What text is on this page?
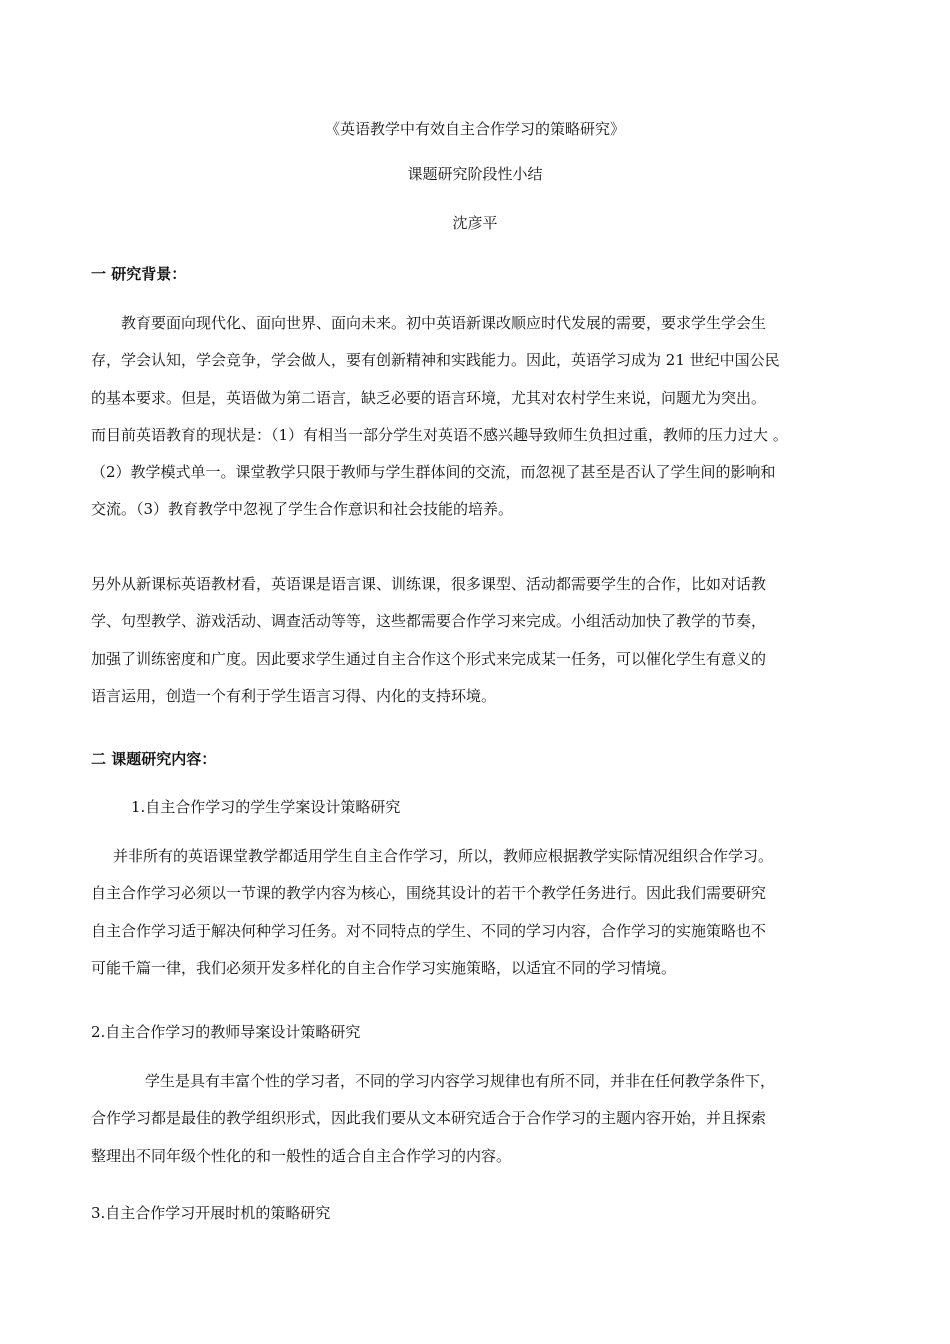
《英语教学中有效自主合作学习的策略研究》
课题研究阶段性小结
沈彦平
一 研究背景：
教育要面向现代化、面向世界、面向未来。初中英语新课改顺应时代发展的需要，要求学生学会生
存，学会认知，学会竞争，学会做人，要有创新精神和实践能力。因此，英语学习成为 21 世纪中国公民
的基本要求。但是，英语做为第二语言，缺乏必要的语言环境，尤其对农村学生来说，问题尤为突出。
而目前英语教育的现状是：（1）有相当一部分学生对英语不感兴趣导致师生负担过重，教师的压力过大 。
（2）教学模式单一。课堂教学只限于教师与学生群体间的交流，而忽视了甚至是否认了学生间的影响和
交流。（3）教育教学中忽视了学生合作意识和社会技能的培养。
另外从新课标英语教材看，英语课是语言课、训练课，很多课型、活动都需要学生的合作，比如对话教
学、句型教学、游戏活动、调查活动等等，这些都需要合作学习来完成。小组活动加快了教学的节奏，
加强了训练密度和广度。因此要求学生通过自主合作这个形式来完成某一任务，可以催化学生有意义的
语言运用，创造一个有利于学生语言习得、内化的支持环境。
二 课题研究内容：
1.自主合作学习的学生学案设计策略研究
并非所有的英语课堂教学都适用学生自主合作学习，所以，教师应根据教学实际情况组织合作学习。
自主合作学习必须以一节课的教学内容为核心，围绕其设计的若干个教学任务进行。因此我们需要研究
自主合作学习适于解决何种学习任务。对不同特点的学生、不同的学习内容，合作学习的实施策略也不
可能千篇一律，我们必须开发多样化的自主合作学习实施策略，以适宜不同的学习情境。
2.自主合作学习的教师导案设计策略研究
学生是具有丰富个性的学习者，不同的学习内容学习规律也有所不同，并非在任何教学条件下，
合作学习都是最佳的教学组织形式，因此我们要从文本研究适合于合作学习的主题内容开始，并且探索
整理出不同年级个性化的和一般性的适合自主合作学习的内容。
3.自主合作学习开展时机的策略研究
